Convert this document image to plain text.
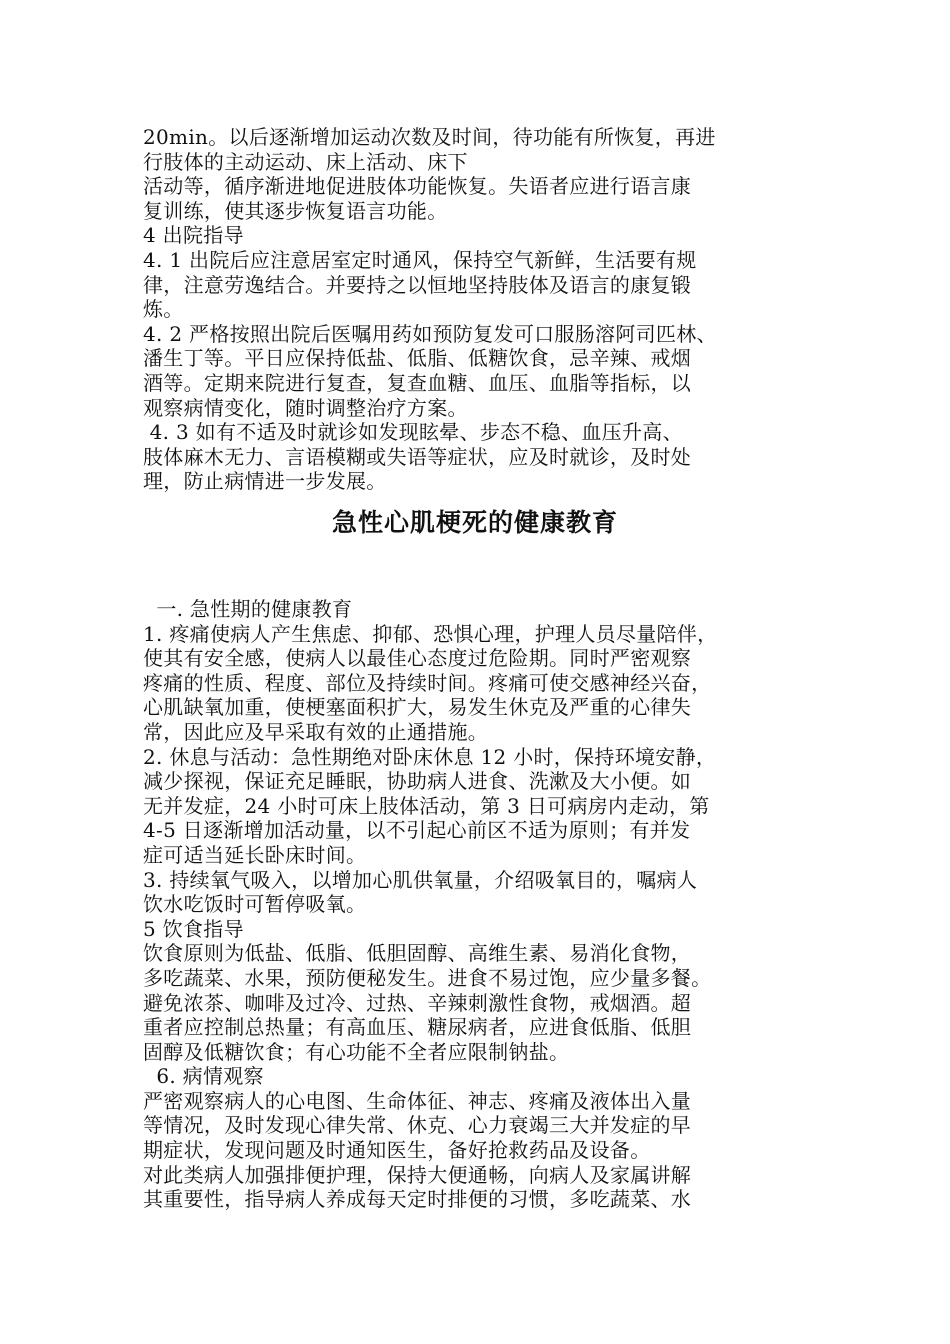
20min。以后逐渐增加运动次数及时间，待功能有所恢复，再进
行肢体的主动运动、床上活动、床下
活动等，循序渐进地促进肢体功能恢复。失语者应进行语言康
复训练，使其逐步恢复语言功能。
4 出院指导
4. 1 出院后应注意居室定时通风，保持空气新鲜，生活要有规
律，注意劳逸结合。并要持之以恒地坚持肢体及语言的康复锻
炼。
4. 2 严格按照出院后医嘱用药如预防复发可口服肠溶阿司匹林、
潘生丁等。平日应保持低盐、低脂、低糖饮食，忌辛辣、戒烟
酒等。定期来院进行复查，复查血糖、血压、血脂等指标，以
观察病情变化，随时调整治疗方案。
4. 3 如有不适及时就诊如发现眩晕、步态不稳、血压升高、
肢体麻木无力、言语模糊或失语等症状，应及时就诊，及时处
理，防止病情进一步发展。
急性心肌梗死的健康教育
一. 急性期的健康教育
1. 疼痛使病人产生焦虑、抑郁、恐惧心理，护理人员尽量陪伴，
使其有安全感，使病人以最佳心态度过危险期。同时严密观察
疼痛的性质、程度、部位及持续时间。疼痛可使交感神经兴奋，
心肌缺氧加重，使梗塞面积扩大，易发生休克及严重的心律失
常，因此应及早采取有效的止通措施。
2. 休息与活动：急性期绝对卧床休息 12 小时，保持环境安静，
减少探视，保证充足睡眠，协助病人进食、洗漱及大小便。如
无并发症，24 小时可床上肢体活动，第 3 日可病房内走动，第
4-5 日逐渐增加活动量，以不引起心前区不适为原则；有并发
症可适当延长卧床时间。
3. 持续氧气吸入，以增加心肌供氧量，介绍吸氧目的，嘱病人
饮水吃饭时可暂停吸氧。
5 饮食指导
饮食原则为低盐、低脂、低胆固醇、高维生素、易消化食物，
多吃蔬菜、水果，预防便秘发生。进食不易过饱，应少量多餐。
避免浓茶、咖啡及过冷、过热、辛辣刺激性食物，戒烟酒。超
重者应控制总热量；有高血压、糖尿病者，应进食低脂、低胆
固醇及低糖饮食；有心功能不全者应限制钠盐。
6. 病情观察
严密观察病人的心电图、生命体征、神志、疼痛及液体出入量
等情况，及时发现心律失常、休克、心力衰竭三大并发症的早
期症状，发现问题及时通知医生，备好抢救药品及设备。
对此类病人加强排便护理，保持大便通畅，向病人及家属讲解
其重要性，指导病人养成每天定时排便的习惯，多吃蔬菜、水
